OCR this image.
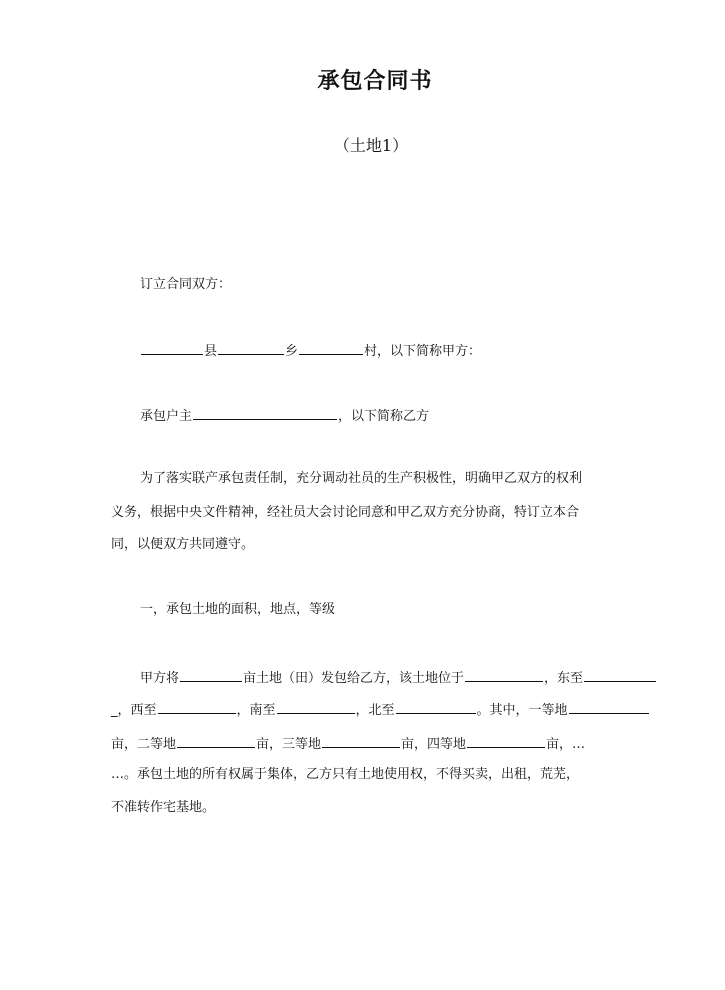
承包合同书
（土地1）
订立合同双方：
县	乡	村，以下简称甲方：
承包户主	，以下简称乙方
为了落实联产承包责任制，充分调动社员的生产积极性，明确甲乙双方的权利
义务，根据中央文件精神，经社员大会讨论同意和甲乙双方充分协商，特订立本合
同，以便双方共同遵守。
一，承包土地的面积，地点，等级
甲方将	亩土地（田）发包给乙方，该土地位于	，东至
_，西至	，南至	，北至	。其中，一等地
亩，二等地	亩，三等地	亩，四等地	亩，…
…。承包土地的所有权属于集体，乙方只有土地使用权，不得买卖，出租，荒芜，
不准转作宅基地。
